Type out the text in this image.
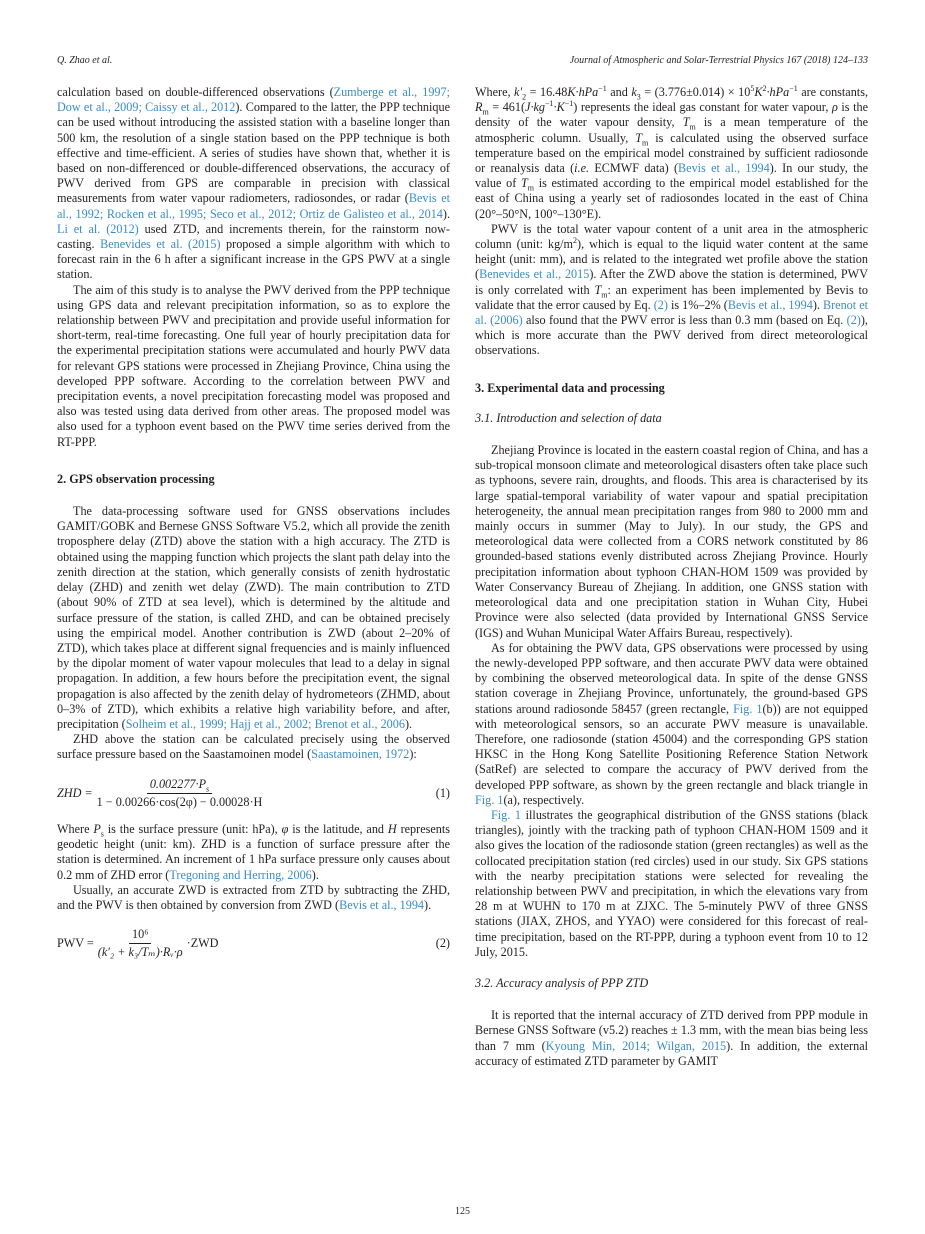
Q. Zhao et al.	Journal of Atmospheric and Solar-Terrestrial Physics 167 (2018) 124–133

calculation based on double-differenced observations (Zumberge et al., 1997; Dow et al., 2009; Caissy et al., 2012). Compared to the latter, the PPP technique can be used without introducing the assisted station with a baseline longer than 500 km, the resolution of a single station based on the PPP technique is both effective and time-efficient. A series of studies have shown that, whether it is based on non-differenced or double-differenced observations, the accuracy of PWV derived from GPS are comparable in precision with classical measurements from water vapour radiometers, radiosondes, or radar (Bevis et al., 1992; Rocken et al., 1995; Seco et al., 2012; Ortiz de Galisteo et al., 2014). Li et al. (2012) used ZTD, and increments therein, for the rainstorm now-casting. Benevides et al. (2015) proposed a simple algorithm with which to forecast rain in the 6 h after a significant increase in the GPS PWV at a single station.

The aim of this study is to analyse the PWV derived from the PPP technique using GPS data and relevant precipitation information, so as to explore the relationship between PWV and precipitation and provide useful information for short-term, real-time forecasting. One full year of hourly precipitation data for the experimental precipitation stations were accumulated and hourly PWV data for relevant GPS stations were processed in Zhejiang Province, China using the developed PPP software. According to the correlation between PWV and precipitation events, a novel precipitation forecasting model was proposed and also was tested using data derived from other areas. The proposed model was also used for a typhoon event based on the PWV time series derived from the RT-PPP.

2. GPS observation processing

The data-processing software used for GNSS observations includes GAMIT/GOBK and Bernese GNSS Software V5.2, which all provide the zenith troposphere delay (ZTD) above the station with a high accuracy. The ZTD is obtained using the mapping function which projects the slant path delay into the zenith direction at the station, which generally consists of zenith hydrostatic delay (ZHD) and zenith wet delay (ZWD). The main contribution to ZTD (about 90% of ZTD at sea level), which is determined by the altitude and surface pressure of the station, is called ZHD, and can be obtained precisely using the empirical model. Another contribution is ZWD (about 2–20% of ZTD), which takes place at different signal frequencies and is mainly influenced by the dipolar moment of water vapour molecules that lead to a delay in signal propagation. In addition, a few hours before the precipitation event, the signal propagation is also affected by the zenith delay of hydrometeors (ZHMD, about 0–3% of ZTD), which exhibits a relative high variability before, and after, precipitation (Solheim et al., 1999; Hajj et al., 2002; Brenot et al., 2006).

ZHD above the station can be calculated precisely using the observed surface pressure based on the Saastamoinen model (Saastamoinen, 1972):

ZHD = $\frac{0.002277\cdot P_s}{1 - 0.00266\cdot\cos(2\varphi) - 0.00028\cdot H}$	(1)

Where $P_s$ is the surface pressure (unit: hPa), φ is the latitude, and H represents geodetic height (unit: km). ZHD is a function of surface pressure after the station is determined. An increment of 1 hPa surface pressure only causes about 0.2 mm of ZHD error (Tregoning and Herring, 2006).

Usually, an accurate ZWD is extracted from ZTD by subtracting the ZHD, and the PWV is then obtained by conversion from ZWD (Bevis et al., 1994).

PWV = $\frac{\text{10⁶}}{\text{(k′₂ + k₃/Tₘ)·Rᵥ·ρ}} \cdot ZWD$	(2)

Where, $k'_2 = 16.48K\cdot hPa^{-1}$ and $k_3 = (3.776\pm 0.014) \times 10^5K^2\cdot hPa^{-1}$ are constants, $R_m = 461(J\cdot kg^{-1}\cdot K^{-1})$ represents the ideal gas constant for water vapour, ρ is the density of the water vapour density, $T_m$ is a mean temperature of the atmospheric column. Usually, $T_m$ is calculated using the observed surface temperature based on the empirical model constrained by sufficient radiosonde or reanalysis data (i.e. ECMWF data) (Bevis et al., 1994). In our study, the value of $T_m$ is estimated according to the empirical model established for the east of China using a yearly set of radiosondes located in the east of China (20°–50°N, 100°–130°E).

PWV is the total water vapour content of a unit area in the atmospheric column (unit: $kg/m^2$), which is equal to the liquid water content at the same height (unit: mm), and is related to the integrated wet profile above the station (Benevides et al., 2015). After the ZWD above the station is determined, PWV is only correlated with $T_m$: an experiment has been implemented by Bevis to validate that the error caused by Eq. (2) is 1%–2% (Bevis et al., 1994). Brenot et al. (2006) also found that the PWV error is less than 0.3 mm (based on Eq. (2)), which is more accurate than the PWV derived from direct meteorological observations.

3. Experimental data and processing
3.1. Introduction and selection of data

Zhejiang Province is located in the eastern coastal region of China, and has a sub-tropical monsoon climate and meteorological disasters often take place such as typhoons, severe rain, droughts, and floods. This area is characterised by its large spatial-temporal variability of water vapour and spatial precipitation heterogeneity, the annual mean precipitation ranges from 980 to 2000 mm and mainly occurs in summer (May to July). In our study, the GPS and meteorological data were collected from a CORS network constituted by 86 grounded-based stations evenly distributed across Zhejiang Province. Hourly precipitation information about typhoon CHAN-HOM 1509 was provided by Water Conservancy Bureau of Zhejiang. In addition, one GNSS station with meteorological data and one precipitation station in Wuhan City, Hubei Province were also selected (data provided by International GNSS Service (IGS) and Wuhan Municipal Water Affairs Bureau, respectively).

As for obtaining the PWV data, GPS observations were processed by using the newly-developed PPP software, and then accurate PWV data were obtained by combining the observed meteorological data. In spite of the dense GNSS station coverage in Zhejiang Province, unfortunately, the ground-based GPS stations around radiosonde 58457 (green rectangle, Fig. 1(b)) are not equipped with meteorological sensors, so an accurate PWV measure is unavailable. Therefore, one radiosonde (station 45004) and the corresponding GPS station HKSC in the Hong Kong Satellite Positioning Reference Station Network (SatRef) are selected to compare the accuracy of PWV derived from the developed PPP software, as shown by the green rectangle and black triangle in Fig. 1(a), respectively.

Fig. 1 illustrates the geographical distribution of the GNSS stations (black triangles), jointly with the tracking path of typhoon CHAN-HOM 1509 and it also gives the location of the radiosonde station (green rectangles) as well as the collocated precipitation station (red circles) used in our study. Six GPS stations with the nearby precipitation stations were selected for revealing the relationship between PWV and precipitation, in which the elevations vary from 28 m at WUHN to 170 m at ZJXC. The 5-minutely PWV of three GNSS stations (JIAX, ZHOS, and YYAO) were considered for this forecast of real-time precipitation, based on the RT-PPP, during a typhoon event from 10 to 12 July, 2015.

3.2. Accuracy analysis of PPP ZTD

It is reported that the internal accuracy of ZTD derived from PPP module in Bernese GNSS Software (v5.2) reaches ± 1.3 mm, with the mean bias being less than 7 mm (Kyoung Min, 2014; Wilgan, 2015). In addition, the external accuracy of estimated ZTD parameter by GAMIT

125
